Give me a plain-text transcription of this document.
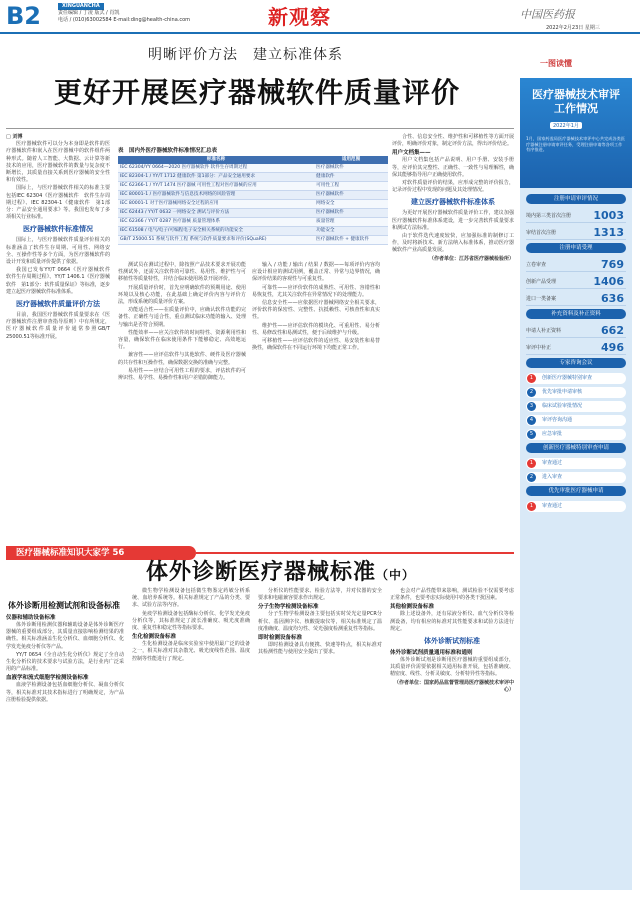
B2	XINGUANCHA
责任编辑 / 丁凌 版式 / 肖凯
电话 / (010)63002584 E-mail:ding@health-china.com	新观察	中国医药报
2022年2月23日 星期三
明晰评价方法　建立标准体系
更好开展医疗器械软件质量评价
□ 刘博

医疗器械软件可以分为本身即是软件的医疗器械软件和嵌入在医疗器械中的软件组件两种形式。随着人工智能、大数据、云计算等新技术的应用，医疗器械软件的数量与复杂度不断增长，其质量直接关系到医疗器械的安全性和有效性。

国际上，与医疗器械软件相关的标准主要包括IEC 62304《医疗器械软件　软件生存周期过程》、IEC 82304-1《健康软件　第1部分：产品安全通用要求》等。我国也发布了多项相关行业标准。

医疗器械软件标准情况

国际上，与医疗器械软件质量评价相关的标准涵盖了软件生存周期、可用性、网络安全、互操作性等多个方面，为医疗器械软件的设计开发和质量评价提供了依据。

我国已发布YY/T 0664《医疗器械软件　软件生存周期过程》、YY/T 1406.1《医疗器械软件　第1部分：软件质量保证》等标准，逐步建立起医疗器械软件标准体系。

医疗器械软件质量评价方法

目前，我国医疗器械软件质量要求在《医疗器械软件注册审查指导原则》中有所规定，医疗器械软件质量评价通常参照GB/T 25000.51等标准开展。

表　国内外医疗器械软件标准情况汇总表
标准名称	适用范围
IEC 62304/YY 0664—2020 医疗器械软件 软件生存周期过程	医疗器械软件
IEC 82304-1 / YY/T 1712 健康软件 第1部分：产品安全通用要求	健康软件
IEC 62366-1 / YY/T 1474 医疗器械 可用性工程对医疗器械的应用	可用性工程
IEC 80001-1 / 医疗器械软件与信息技术网络的风险管理	医疗器械软件
IEC 80001-1 对于医疗器械网络安全过程的应用	网络安全
IEC 62443 / YY/T 0632 一网络安全 测试与评价方法	医疗器械软件
IEC 62366 / YY/T 0287 医疗器械 质量管理体系	质量管理
IEC 61508 / 电气/电子/可编程电子安全相关系统的功能安全	功能安全
GB/T 25000.51 系统与软件工程 系统与软件质量要求和评价(SQuaRE)	医疗器械软件 + 健康软件

测试员在测试过程中，除按照产品技术要求开展功能性测试外，还需关注软件的可靠性、易用性、维护性与可移植性等质量特性，并结合临床使用场景开展评价。

开展质量评价时，首先应明确软件的预期用途、使用环境以及核心功能，在此基础上确定评价内容与评价方法，形成系统的质量评价方案。

功能适合性——在质量评价中，应确认软件功能的完备性、正确性与适合性，重点测试临床功能的输入、处理与输出是否符合预期。

性能效率——应关注软件的时间特性、资源利用性和容量，确保软件在临床使用条件下能够稳定、高效地运行。

兼容性——应评估软件与其他软件、硬件及医疗器械的共存性和互操作性，确保数据交换的准确与完整。

易用性——应结合可用性工程的要求，评估软件的可辨识性、易学性、易操作性和用户差错防御能力。

输入 / 功能 / 输出 / 结果 / 数据——每项评价内容均应设计相应的测试用例，覆盖正常、异常与边界情况，确保评价结果的客观性与可重复性。

可靠性——应评价软件的成熟性、可用性、容错性和易恢复性，尤其关注软件在异常情况下的处理能力。

信息安全性——应依据医疗器械网络安全相关要求，评价软件的保密性、完整性、抗抵赖性、可核查性和真实性。

维护性——应评估软件的模块化、可重用性、易分析性、易修改性和易测试性，便于后续维护与升级。

可移植性——应评估软件的适应性、易安装性和易替换性，确保软件在不同运行环境下均能正常工作。

合性、信息安全性、维护性和可移植性等方面开展评价，明确评价对象，制定评价方法，得出评价结论。

用户文档集——

用户文档集包括产品说明、用户手册、安装手册等，应评价其完整性、正确性、一致性与易理解性，确保其能够指导用户正确使用软件。

对软件质量评价的结果，应形成完整的评价报告，记录评价过程中发现的问题及其处理情况。

建立医疗器械软件标准体系

为更好开展医疗器械软件质量评价工作，建议加强医疗器械软件标准体系建设，进一步完善软件质量要求和测试方法标准。

由于软件迭代速度较快，应加强标准的制修订工作，及时将新技术、新方法纳入标准体系，推动医疗器械软件产业高质量发展。

（作者单位：江苏省医疗器械检验所）
一图读懂
医疗器械技术审评工作情况
2022年1月
1月，国家药监局医疗器械技术审评中心共完成各类医疗器械注册申请审评任务，受理注册申请等各项工作有序推进。
注册申请审评情况
境内第三类首次注册 1003
审结首次注册	1313
注册申请受理
立卷审查	769
创新产品受理	1406
进口一类备案	636
补充资料及补正资料
申请人补正资料	662
审评中补正	496
专家咨询会议
1	创新医疗器械特别审查
2	优先审批申请审核
3	临床试验审批情况
4	审评咨询沟通
5	应急审批
创新医疗器械特别审查申请
1	审查通过
2	进入审查
优先审批医疗器械申请
1	审查通过
医疗器械标准知识大家学 56
体外诊断医疗器械标准（中）
体外诊断用检测试剂和设备标准
仪器和辅助设备标准

体外诊断用检测仪器和辅助设备是体外诊断医疗器械的重要组成部分，其质量直接影响检测结果的准确性。相关标准涵盖生化分析仪、血细胞分析仪、化学发光免疫分析仪等产品。

YY/T 0654《全自动生化分析仪》规定了全自动生化分析仪的技术要求与试验方法，是行业内广泛采用的产品标准。

血液学和流式细胞学检测设备标准

血液学检测设备包括血细胞分析仪、凝血分析仪等，相关标准对其技术指标进行了明确规定，为产品注册检验提供依据。

微生物学检测设备包括微生物鉴定药敏分析系统、血培养系统等。相关标准规定了产品的分类、要求、试验方法等内容。

免疫学检测设备包括酶标分析仪、化学发光免疫分析仪等，其标准规定了波长准确度、吸光度准确度、重复性和稳定性等指标要求。

生化检测设备标准

生化检测设备是临床实验室中使用最广泛的设备之一，相关标准对其杂散光、吸光度线性范围、温度控制等性能进行了规定。

分析仪的性能要求、检验方法等，并对仪器的安全要求和电磁兼容要求作出规定。

分子生物学检测设备标准

分子生物学检测设备主要包括实时荧光定量PCR分析仪、基因测序仪、核酸提取仪等，相关标准规定了温度准确度、温度均匀性、荧光强度检测重复性等指标。

即时检测设备标准

即时检测设备具有便携、快速等特点，相关标准对其检测性能与使用安全提出了要求。

也会对产品性能带来影响，测试检验不仅需要考虑正常条件，也要考虑实际使用中的各类干扰因素。

其他检测设备标准

除上述设备外，还有尿液分析仪、血气分析仪等检测设备，均有相应的标准对其性能要求和试验方法进行规定。

体外诊断试剂标准
体外诊断试剂质量通用标准和通则

体外诊断试剂是诊断用医疗器械的重要组成部分，其质量评价需要依据相关通用标准开展，包括准确度、精密度、线性、分析灵敏度、分析特异性等指标。

（作者单位：国家药品监督管理局医疗器械技术审评中心）
